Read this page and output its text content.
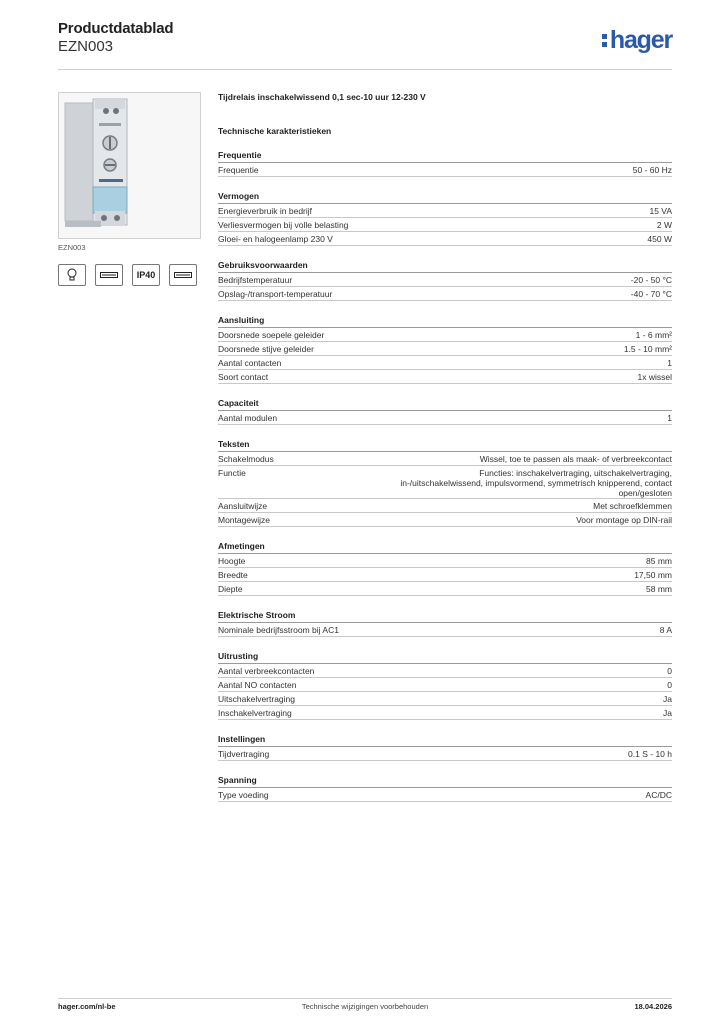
Productdatablad
EZN003	hager
EZN003
IP40
Tijdrelais inschakelwissend 0,1 sec-10 uur 12-230 V
Technische karakteristieken
Frequentie
Frequentie	50 - 60 Hz
Vermogen
Energieverbruik in bedrijf	15 VA
Verliesvermogen bij volle belasting	2 W
Gloei- en halogeenlamp 230 V	450 W
Gebruiksvoorwaarden
Bedrijfstemperatuur	-20 - 50 °C
Opslag-/transport-temperatuur	-40 - 70 °C
Aansluiting
Doorsnede soepele geleider	1 - 6 mm²
Doorsnede stijve geleider	1.5 - 10 mm²
Aantal contacten	1
Soort contact	1x wissel
Capaciteit
Aantal modulen	1
Teksten
Schakelmodus	Wissel, toe te passen als maak- of verbreekcontact
Functie	Functies: inschakelvertraging, uitschakelvertraging, in-/uitschakelwissend, impulsvormend, symmetrisch knipperend, contact open/gesloten
Aansluitwijze	Met schroefklemmen
Montagewijze	Voor montage op DIN-rail
Afmetingen
Hoogte	85 mm
Breedte	17,50 mm
Diepte	58 mm
Elektrische Stroom
Nominale bedrijfsstroom bij AC1	8 A
Uitrusting
Aantal verbreekcontacten	0
Aantal NO contacten	0
Uitschakelvertraging	Ja
Inschakelvertraging	Ja
Instellingen
Tijdvertraging	0.1 S - 10 h
Spanning
Type voeding	AC/DC
hager.com/nl-be	Technische wijzigingen voorbehouden	18.04.2026
